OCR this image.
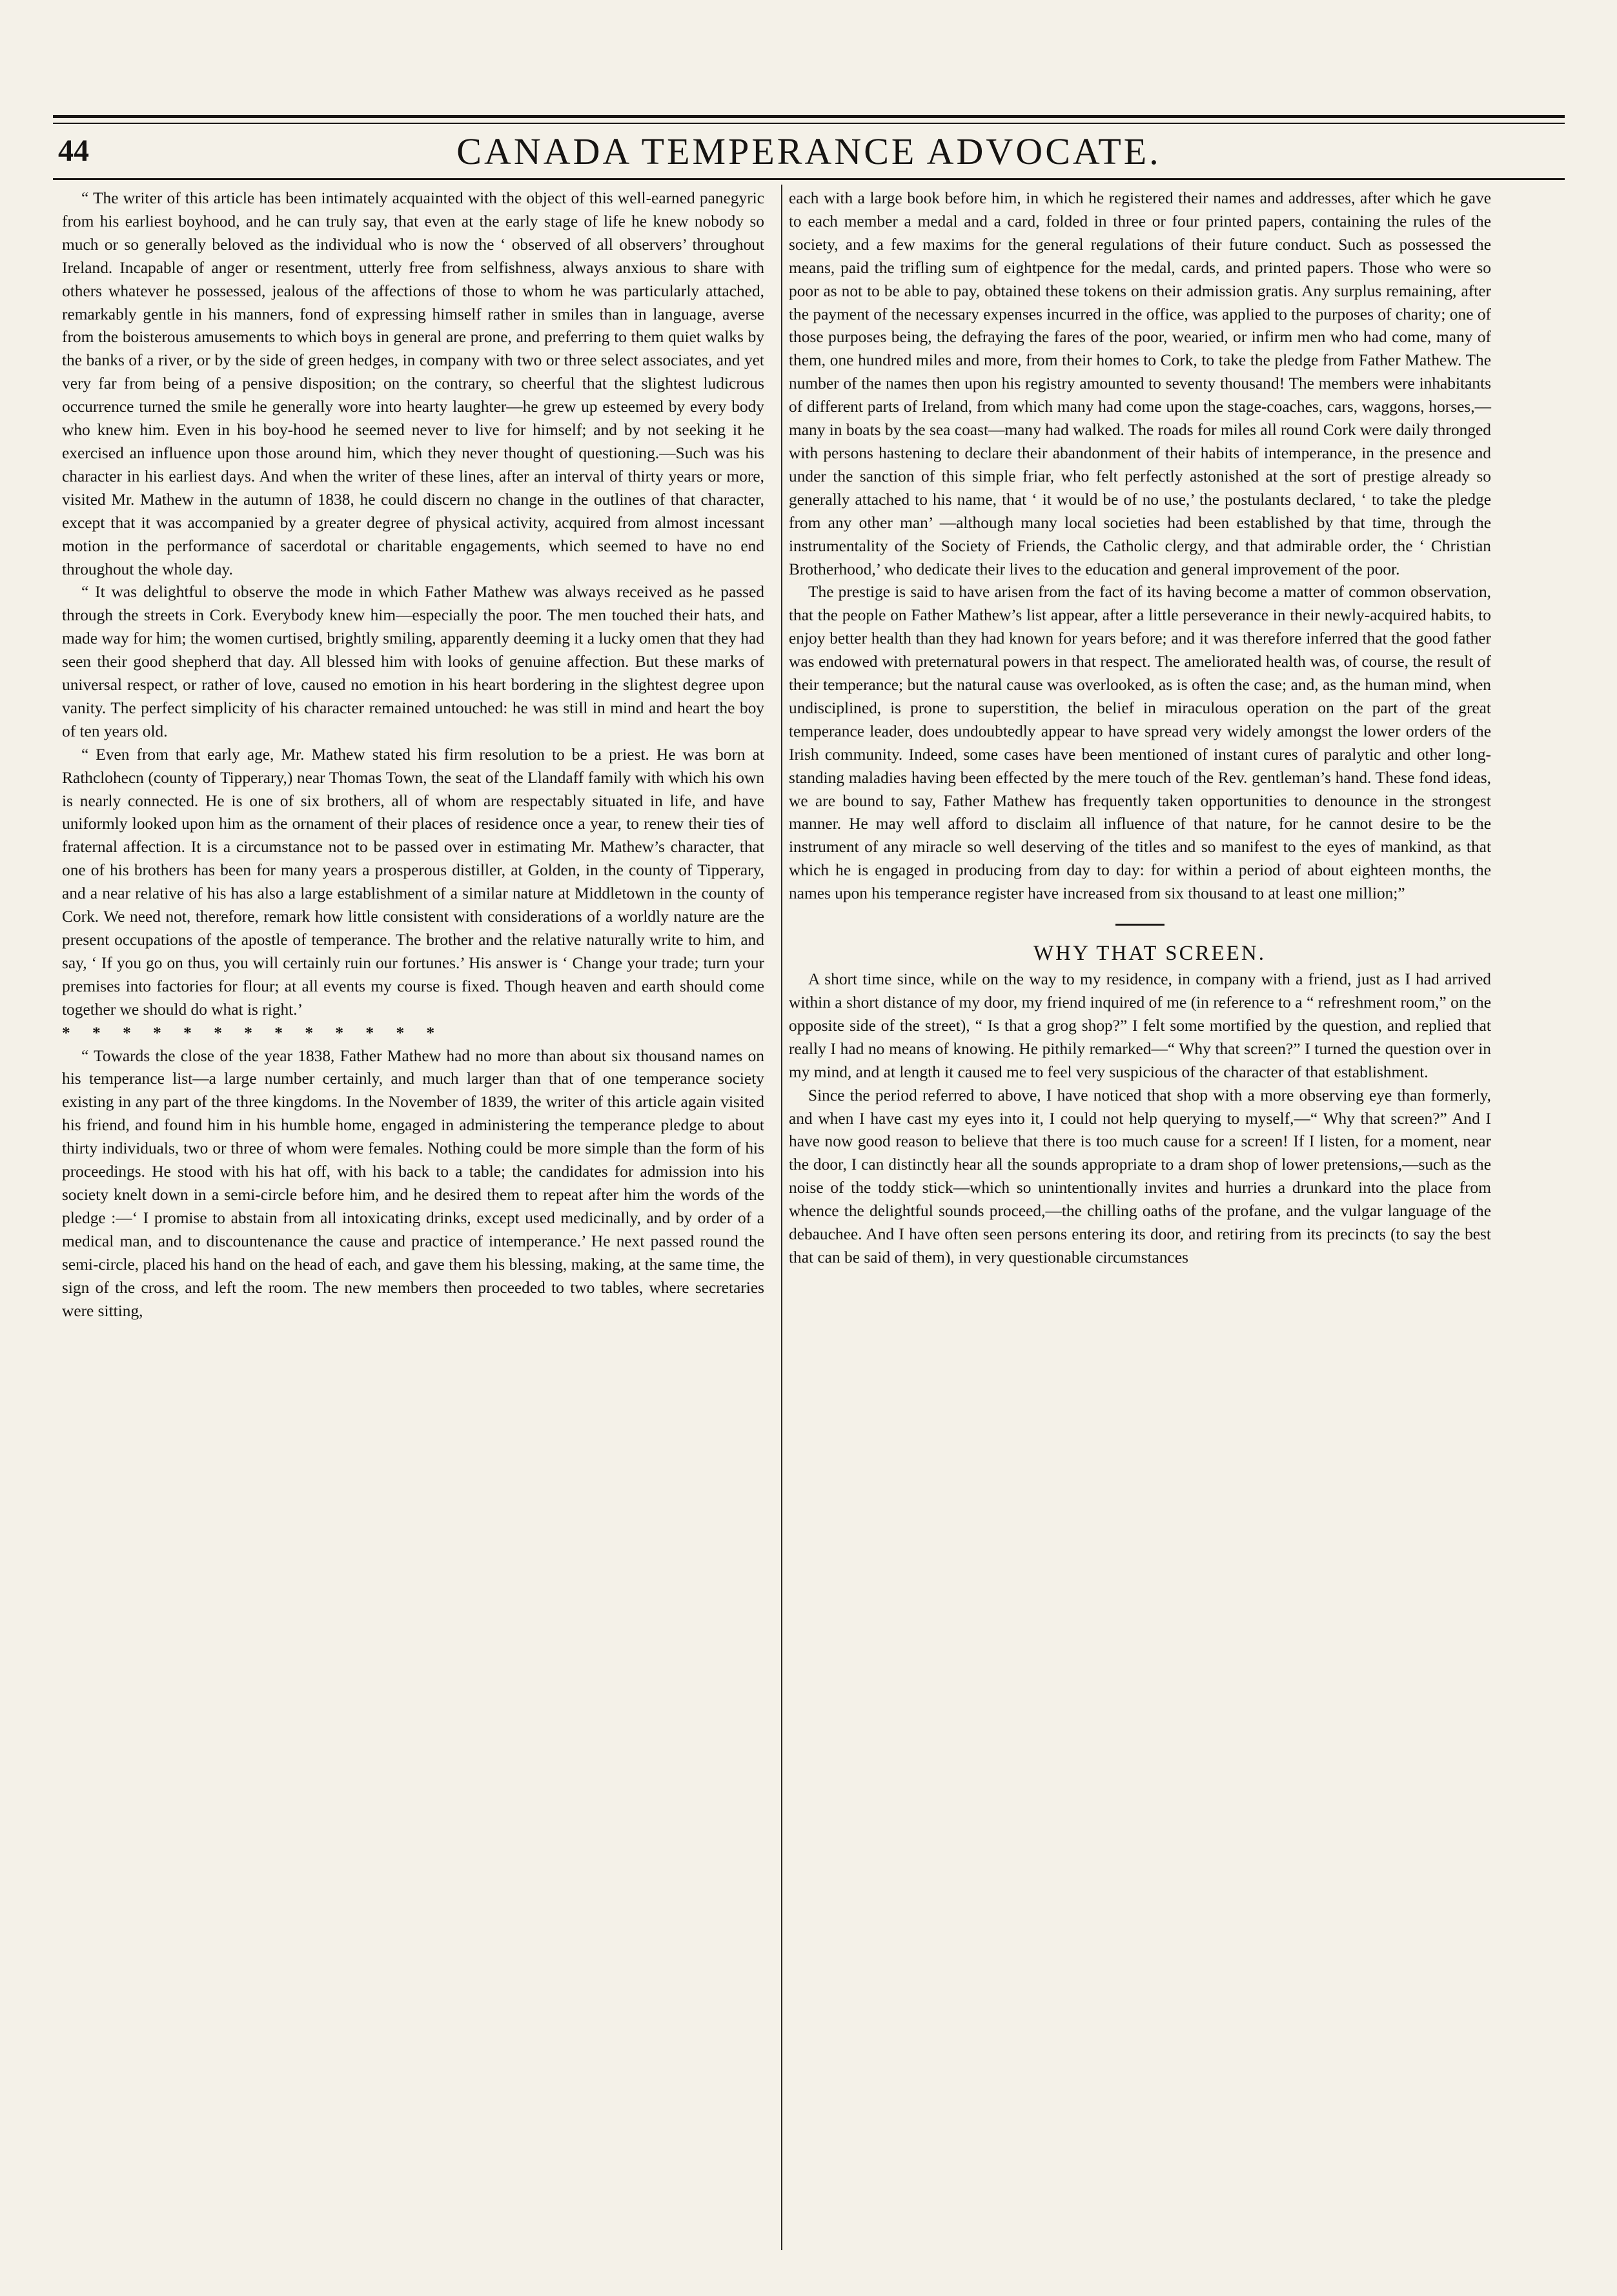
44	CANADA TEMPERANCE ADVOCATE.

“ The writer of this article has been intimately acquainted with the object of this well-earned panegyric from his earliest boyhood, and he can truly say, that even at the early stage of life he knew nobody so much or so generally beloved as the individual who is now the ‘ observed of all observers’ throughout Ireland. Incapable of anger or resentment, utterly free from selfishness, always anxious to share with others whatever he possessed, jealous of the affections of those to whom he was particularly attached, remarkably gentle in his manners, fond of expressing himself rather in smiles than in language, averse from the boisterous amusements to which boys in general are prone, and preferring to them quiet walks by the banks of a river, or by the side of green hedges, in company with two or three select associates, and yet very far from being of a pensive disposition; on the contrary, so cheerful that the slightest ludicrous occurrence turned the smile he generally wore into hearty laughter—he grew up esteemed by every body who knew him. Even in his boy-hood he seemed never to live for himself; and by not seeking it he exercised an influence upon those around him, which they never thought of questioning.—Such was his character in his earliest days. And when the writer of these lines, after an interval of thirty years or more, visited Mr. Mathew in the autumn of 1838, he could discern no change in the outlines of that character, except that it was accompanied by a greater degree of physical activity, acquired from almost incessant motion in the performance of sacerdotal or charitable engagements, which seemed to have no end throughout the whole day.

“ It was delightful to observe the mode in which Father Mathew was always received as he passed through the streets in Cork. Everybody knew him—especially the poor. The men touched their hats, and made way for him; the women curtised, brightly smiling, apparently deeming it a lucky omen that they had seen their good shepherd that day. All blessed him with looks of genuine affection. But these marks of universal respect, or rather of love, caused no emotion in his heart bordering in the slightest degree upon vanity. The perfect simplicity of his character remained untouched: he was still in mind and heart the boy of ten years old.

“ Even from that early age, Mr. Mathew stated his firm resolution to be a priest. He was born at Rathclohecn (county of Tipperary,) near Thomas Town, the seat of the Llandaff family with which his own is nearly connected. He is one of six brothers, all of whom are respectably situated in life, and have uniformly looked upon him as the ornament of their places of residence once a year, to renew their ties of fraternal affection. It is a circumstance not to be passed over in estimating Mr. Mathew’s character, that one of his brothers has been for many years a prosperous distiller, at Golden, in the county of Tipperary, and a near relative of his has also a large establishment of a similar nature at Middletown in the county of Cork. We need not, therefore, remark how little consistent with considerations of a worldly nature are the present occupations of the apostle of temperance. The brother and the relative naturally write to him, and say, ‘ If you go on thus, you will certainly ruin our fortunes.’ His answer is ‘ Change your trade; turn your premises into factories for flour; at all events my course is fixed. Though heaven and earth should come together we should do what is right.’

* * * * * * * * * * * * *

“ Towards the close of the year 1838, Father Mathew had no more than about six thousand names on his temperance list—a large number certainly, and much larger than that of one temperance society existing in any part of the three kingdoms. In the November of 1839, the writer of this article again visited his friend, and found him in his humble home, engaged in administering the temperance pledge to about thirty individuals, two or three of whom were females. Nothing could be more simple than the form of his proceedings. He stood with his hat off, with his back to a table; the candidates for admission into his society knelt down in a semi-circle before him, and he desired them to repeat after him the words of the pledge :—‘ I promise to abstain from all intoxicating drinks, except used medicinally, and by order of a medical man, and to discountenance the cause and practice of intemperance.’ He next passed round the semi-circle, placed his hand on the head of each, and gave them his blessing, making, at the same time, the sign of the cross, and left the room. The new members then proceeded to two tables, where secretaries were sitting,

each with a large book before him, in which he registered their names and addresses, after which he gave to each member a medal and a card, folded in three or four printed papers, containing the rules of the society, and a few maxims for the general regulations of their future conduct. Such as possessed the means, paid the trifling sum of eightpence for the medal, cards, and printed papers. Those who were so poor as not to be able to pay, obtained these tokens on their admission gratis. Any surplus remaining, after the payment of the necessary expenses incurred in the office, was applied to the purposes of charity; one of those purposes being, the defraying the fares of the poor, wearied, or infirm men who had come, many of them, one hundred miles and more, from their homes to Cork, to take the pledge from Father Mathew. The number of the names then upon his registry amounted to seventy thousand! The members were inhabitants of different parts of Ireland, from which many had come upon the stage-coaches, cars, waggons, horses,—many in boats by the sea coast—many had walked. The roads for miles all round Cork were daily thronged with persons hastening to declare their abandonment of their habits of intemperance, in the presence and under the sanction of this simple friar, who felt perfectly astonished at the sort of prestige already so generally attached to his name, that ‘ it would be of no use,’ the postulants declared, ‘ to take the pledge from any other man’ —although many local societies had been established by that time, through the instrumentality of the Society of Friends, the Catholic clergy, and that admirable order, the ‘ Christian Brotherhood,’ who dedicate their lives to the education and general improvement of the poor.

The prestige is said to have arisen from the fact of its having become a matter of common observation, that the people on Father Mathew’s list appear, after a little perseverance in their newly-acquired habits, to enjoy better health than they had known for years before; and it was therefore inferred that the good father was endowed with preternatural powers in that respect. The ameliorated health was, of course, the result of their temperance; but the natural cause was overlooked, as is often the case; and, as the human mind, when undisciplined, is prone to superstition, the belief in miraculous operation on the part of the great temperance leader, does undoubtedly appear to have spread very widely amongst the lower orders of the Irish community. Indeed, some cases have been mentioned of instant cures of paralytic and other long-standing maladies having been effected by the mere touch of the Rev. gentleman’s hand. These fond ideas, we are bound to say, Father Mathew has frequently taken opportunities to denounce in the strongest manner. He may well afford to disclaim all influence of that nature, for he cannot desire to be the instrument of any miracle so well deserving of the titles and so manifest to the eyes of mankind, as that which he is engaged in producing from day to day: for within a period of about eighteen months, the names upon his temperance register have increased from six thousand to at least one million;”

WHY THAT SCREEN.

A short time since, while on the way to my residence, in company with a friend, just as I had arrived within a short distance of my door, my friend inquired of me (in reference to a “ refreshment room,” on the opposite side of the street), “ Is that a grog shop?” I felt some mortified by the question, and replied that really I had no means of knowing. He pithily remarked—“ Why that screen?” I turned the question over in my mind, and at length it caused me to feel very suspicious of the character of that establishment.

Since the period referred to above, I have noticed that shop with a more observing eye than formerly, and when I have cast my eyes into it, I could not help querying to myself,—“ Why that screen?” And I have now good reason to believe that there is too much cause for a screen! If I listen, for a moment, near the door, I can distinctly hear all the sounds appropriate to a dram shop of lower pretensions,—such as the noise of the toddy stick—which so unintentionally invites and hurries a drunkard into the place from whence the delightful sounds proceed,—the chilling oaths of the profane, and the vulgar language of the debauchee. And I have often seen persons entering its door, and retiring from its precincts (to say the best that can be said of them), in very questionable circumstances
